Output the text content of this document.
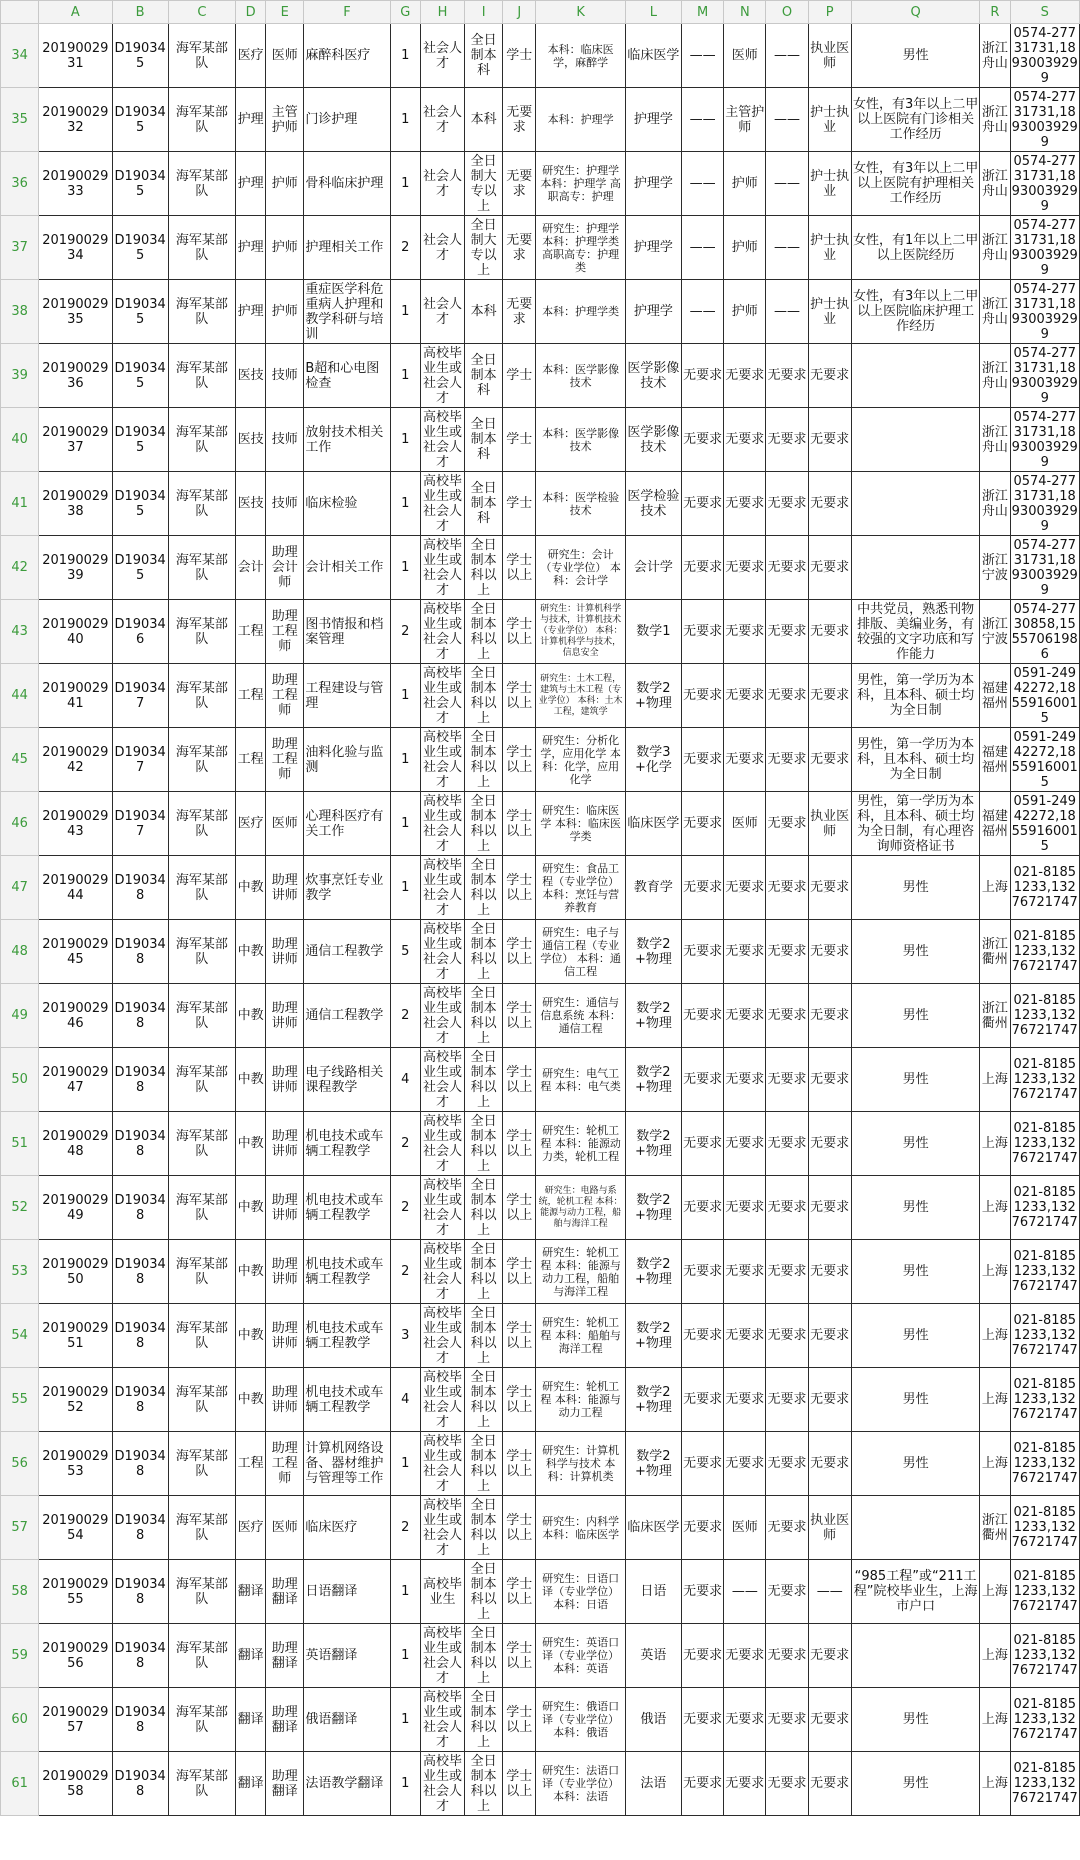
	A	B	C	D	E	F	G	H	I	J	K	L	M	N	O	P	Q	R	S
34	2019002931	D190345	海军某部队	医疗	医师	麻醉科医疗	1	社会人才	全日制本科	学士	本科：临床医学，麻醉学	临床医学	——	医师	——	执业医师	男性	浙江舟山	0574-27731731,18930039299
35	2019002932	D190345	海军某部队	护理	主管护师	门诊护理	1	社会人才	本科	无要求	本科：护理学	护理学	——	主管护师	——	护士执业	女性，有3年以上二甲以上医院有门诊相关工作经历	浙江舟山	0574-27731731,18930039299
36	2019002933	D190345	海军某部队	护理	护师	骨科临床护理	1	社会人才	全日制大专以上	无要求	研究生：护理学 本科：护理学 高职高专：护理	护理学	——	护师	——	护士执业	女性，有3年以上二甲以上医院有护理相关工作经历	浙江舟山	0574-27731731,18930039299
37	2019002934	D190345	海军某部队	护理	护师	护理相关工作	2	社会人才	全日制大专以上	无要求	研究生：护理学 本科：护理学类 高职高专：护理类	护理学	——	护师	——	护士执业	女性，有1年以上二甲以上医院经历	浙江舟山	0574-27731731,18930039299
38	2019002935	D190345	海军某部队	护理	护师	重症医学科危重病人护理和教学科研与培训	1	社会人才	本科	无要求	本科：护理学类	护理学	——	护师	——	护士执业	女性，有3年以上二甲以上医院临床护理工作经历	浙江舟山	0574-27731731,18930039299
39	2019002936	D190345	海军某部队	医技	技师	B超和心电图检查	1	高校毕业生或社会人才	全日制本科	学士	本科：医学影像技术	医学影像技术	无要求	无要求	无要求	无要求		浙江舟山	0574-27731731,18930039299
40	2019002937	D190345	海军某部队	医技	技师	放射技术相关工作	1	高校毕业生或社会人才	全日制本科	学士	本科：医学影像技术	医学影像技术	无要求	无要求	无要求	无要求		浙江舟山	0574-27731731,18930039299
41	2019002938	D190345	海军某部队	医技	技师	临床检验	1	高校毕业生或社会人才	全日制本科	学士	本科：医学检验技术	医学检验技术	无要求	无要求	无要求	无要求		浙江舟山	0574-27731731,18930039299
42	2019002939	D190345	海军某部队	会计	助理会计师	会计相关工作	1	高校毕业生或社会人才	全日制本科以上	学士以上	研究生：会计（专业学位） 本科：会计学	会计学	无要求	无要求	无要求	无要求		浙江宁波	0574-27731731,18930039299
43	2019002940	D190346	海军某部队	工程	助理工程师	图书情报和档案管理	2	高校毕业生或社会人才	全日制本科以上	学士以上	研究生：计算机科学与技术，计算机技术（专业学位） 本科：计算机科学与技术，信息安全	数学1	无要求	无要求	无要求	无要求	中共党员，熟悉刊物排版、美编业务，有较强的文字功底和写作能力	浙江宁波	0574-27730858,15557061986
44	2019002941	D190347	海军某部队	工程	助理工程师	工程建设与管理	1	高校毕业生或社会人才	全日制本科以上	学士以上	研究生：土木工程，建筑与土木工程（专业学位） 本科：土木工程，建筑学	数学2+物理	无要求	无要求	无要求	无要求	男性，第一学历为本科，且本科、硕士均为全日制	福建福州	0591-24942272,18559160015
45	2019002942	D190347	海军某部队	工程	助理工程师	油料化验与监测	1	高校毕业生或社会人才	全日制本科以上	学士以上	研究生：分析化学，应用化学 本科：化学，应用化学	数学3+化学	无要求	无要求	无要求	无要求	男性，第一学历为本科，且本科、硕士均为全日制	福建福州	0591-24942272,18559160015
46	2019002943	D190347	海军某部队	医疗	医师	心理科医疗有关工作	1	高校毕业生或社会人才	全日制本科以上	学士以上	研究生：临床医学 本科：临床医学类	临床医学	无要求	医师	无要求	执业医师	男性，第一学历为本科，且本科、硕士均为全日制，有心理咨询师资格证书	福建福州	0591-24942272,18559160015
47	2019002944	D190348	海军某部队	中教	助理讲师	炊事烹饪专业教学	1	高校毕业生或社会人才	全日制本科以上	学士以上	研究生：食品工程（专业学位） 本科：烹饪与营养教育	教育学	无要求	无要求	无要求	无要求	男性	上海	021-81851233,13276721747
48	2019002945	D190348	海军某部队	中教	助理讲师	通信工程教学	5	高校毕业生或社会人才	全日制本科以上	学士以上	研究生：电子与通信工程（专业学位） 本科：通信工程	数学2+物理	无要求	无要求	无要求	无要求	男性	浙江衢州	021-81851233,13276721747
49	2019002946	D190348	海军某部队	中教	助理讲师	通信工程教学	2	高校毕业生或社会人才	全日制本科以上	学士以上	研究生：通信与信息系统 本科：通信工程	数学2+物理	无要求	无要求	无要求	无要求	男性	浙江衢州	021-81851233,13276721747
50	2019002947	D190348	海军某部队	中教	助理讲师	电子线路相关课程教学	4	高校毕业生或社会人才	全日制本科以上	学士以上	研究生：电气工程 本科：电气类	数学2+物理	无要求	无要求	无要求	无要求	男性	上海	021-81851233,13276721747
51	2019002948	D190348	海军某部队	中教	助理讲师	机电技术或车辆工程教学	2	高校毕业生或社会人才	全日制本科以上	学士以上	研究生：轮机工程 本科：能源动力类，轮机工程	数学2+物理	无要求	无要求	无要求	无要求	男性	上海	021-81851233,13276721747
52	2019002949	D190348	海军某部队	中教	助理讲师	机电技术或车辆工程教学	2	高校毕业生或社会人才	全日制本科以上	学士以上	研究生：电路与系统，轮机工程 本科：能源与动力工程，船舶与海洋工程	数学2+物理	无要求	无要求	无要求	无要求	男性	上海	021-81851233,13276721747
53	2019002950	D190348	海军某部队	中教	助理讲师	机电技术或车辆工程教学	2	高校毕业生或社会人才	全日制本科以上	学士以上	研究生：轮机工程 本科：能源与动力工程，船舶与海洋工程	数学2+物理	无要求	无要求	无要求	无要求	男性	上海	021-81851233,13276721747
54	2019002951	D190348	海军某部队	中教	助理讲师	机电技术或车辆工程教学	3	高校毕业生或社会人才	全日制本科以上	学士以上	研究生：轮机工程 本科：船舶与海洋工程	数学2+物理	无要求	无要求	无要求	无要求	男性	上海	021-81851233,13276721747
55	2019002952	D190348	海军某部队	中教	助理讲师	机电技术或车辆工程教学	4	高校毕业生或社会人才	全日制本科以上	学士以上	研究生：轮机工程 本科：能源与动力工程	数学2+物理	无要求	无要求	无要求	无要求	男性	上海	021-81851233,13276721747
56	2019002953	D190348	海军某部队	工程	助理工程师	计算机网络设备、器材维护与管理等工作	1	高校毕业生或社会人才	全日制本科以上	学士以上	研究生：计算机科学与技术 本科：计算机类	数学2+物理	无要求	无要求	无要求	无要求	男性	上海	021-81851233,13276721747
57	2019002954	D190348	海军某部队	医疗	医师	临床医疗	2	高校毕业生或社会人才	全日制本科以上	学士以上	研究生：内科学 本科：临床医学	临床医学	无要求	医师	无要求	执业医师		浙江衢州	021-81851233,13276721747
58	2019002955	D190348	海军某部队	翻译	助理翻译	日语翻译	1	高校毕业生	全日制本科以上	学士以上	研究生：日语口译（专业学位） 本科：日语	日语	无要求	——	无要求	——	“985工程”或“211工程”院校毕业生，上海市户口	上海	021-81851233,13276721747
59	2019002956	D190348	海军某部队	翻译	助理翻译	英语翻译	1	高校毕业生或社会人才	全日制本科以上	学士以上	研究生：英语口译（专业学位） 本科：英语	英语	无要求	无要求	无要求	无要求		上海	021-81851233,13276721747
60	2019002957	D190348	海军某部队	翻译	助理翻译	俄语翻译	1	高校毕业生或社会人才	全日制本科以上	学士以上	研究生：俄语口译（专业学位） 本科：俄语	俄语	无要求	无要求	无要求	无要求	男性	上海	021-81851233,13276721747
61	2019002958	D190348	海军某部队	翻译	助理翻译	法语教学翻译	1	高校毕业生或社会人才	全日制本科以上	学士以上	研究生：法语口译（专业学位） 本科：法语	法语	无要求	无要求	无要求	无要求	男性	上海	021-81851233,13276721747
